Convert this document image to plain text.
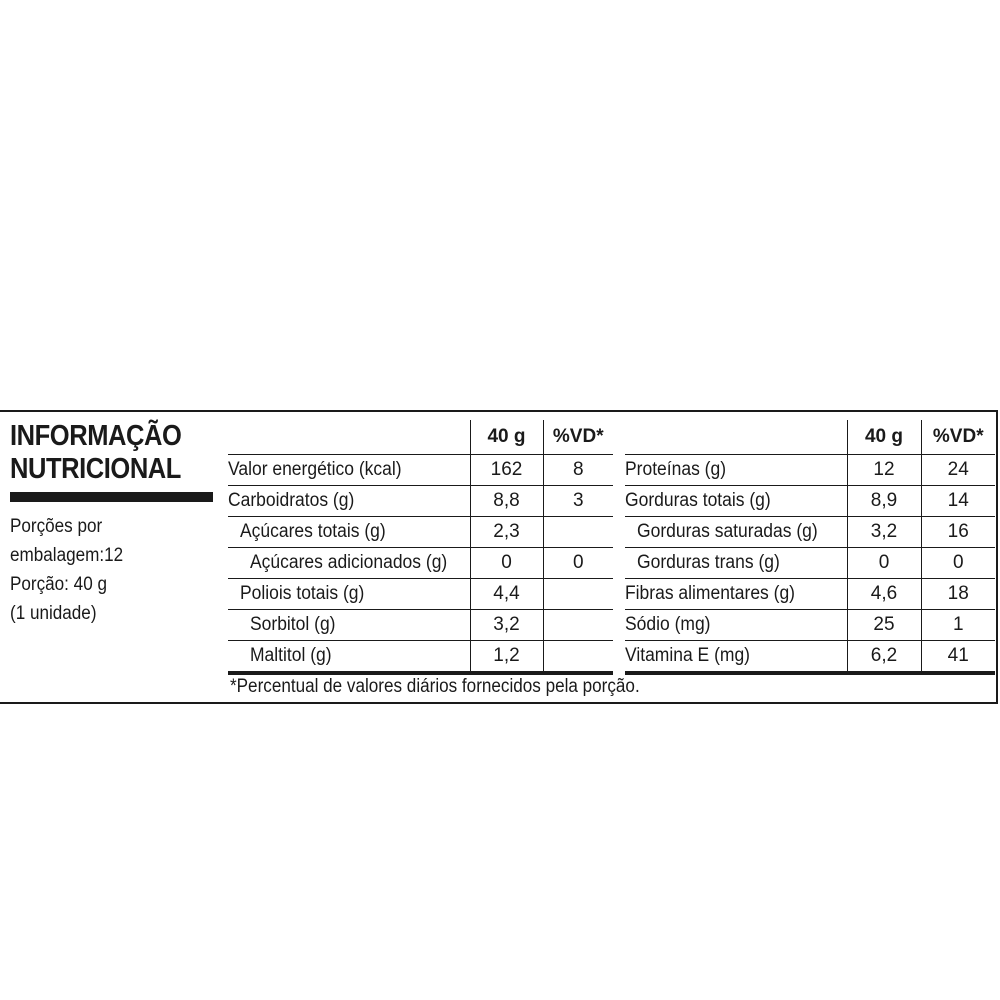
INFORMAÇÃO
NUTRICIONAL
Porções por
embalagem:12
Porção: 40 g
(1 unidade)
	40 g	%VD*
Valor energético (kcal)	162	8
Carboidratos (g)	8,8	3
Açúcares totais (g)	2,3	
Açúcares adicionados (g)	0	0
Poliois totais (g)	4,4	
Sorbitol (g)	3,2	
Maltitol (g)	1,2	
	40 g	%VD*
Proteínas (g)	12	24
Gorduras totais (g)	8,9	14
Gorduras saturadas (g)	3,2	16
Gorduras trans (g)	0	0
Fibras alimentares (g)	4,6	18
Sódio (mg)	25	1
Vitamina E (mg)	6,2	41
*Percentual de valores diários fornecidos pela porção.
